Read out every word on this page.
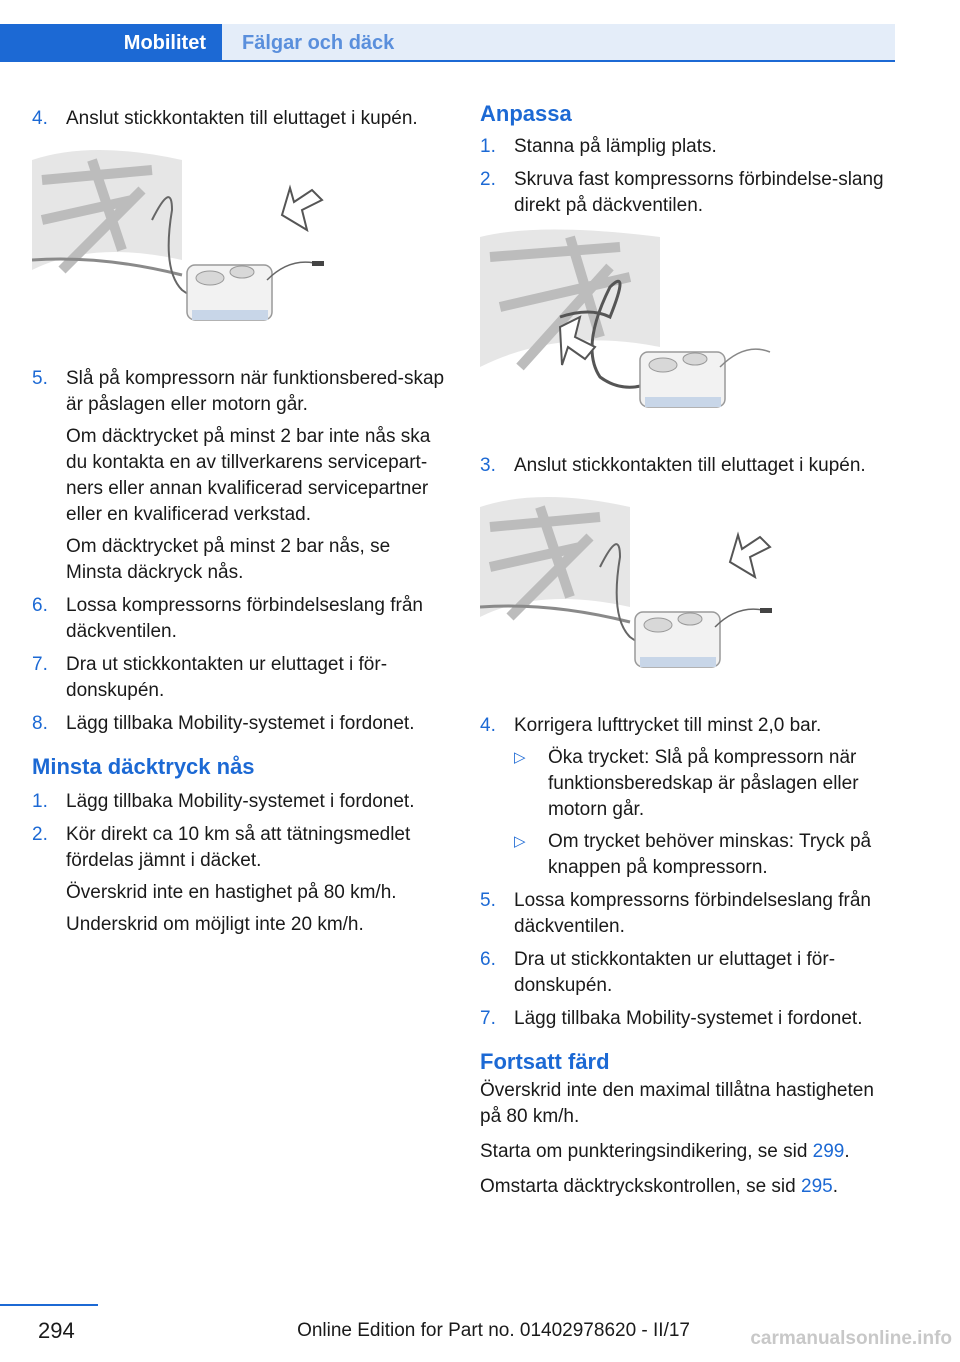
Mobilitet	Fälgar och däck
4. Anslut stickkontakten till eluttaget i kupén.

5. Slå på kompressorn när funktionsbered‐skap är påslagen eller motorn går.

Om däcktrycket på minst 2 bar inte nås ska du kontakta en av tillverkarens servicepart‐ners eller annan kvalificerad servicepartner eller en kvalificerad verkstad.

Om däcktrycket på minst 2 bar nås, se Minsta däckryck nås.

6. Lossa kompressorns förbindelseslang från däckventilen.

7. Dra ut stickkontakten ur eluttaget i för‐donskupén.

8. Lägg tillbaka Mobility-systemet i fordonet.

Minsta däcktryck nås
1. Lägg tillbaka Mobility-systemet i fordonet.

2. Kör direkt ca 10 km så att tätningsmedlet fördelas jämnt i däcket.

Överskrid inte en hastighet på 80 km/h.

Underskrid om möjligt inte 20 km/h.

Anpassa
1. Stanna på lämplig plats.

2. Skruva fast kompressorns förbindelse‐slang direkt på däckventilen.

3. Anslut stickkontakten till eluttaget i kupén.

4. Korrigera lufttrycket till minst 2,0 bar.

▷ Öka trycket: Slå på kompressorn när funktionsberedskap är påslagen eller motorn går.
▷ Om trycket behöver minskas: Tryck på knappen på kompressorn.
5. Lossa kompressorns förbindelseslang från däckventilen.

6. Dra ut stickkontakten ur eluttaget i för‐donskupén.

7. Lägg tillbaka Mobility-systemet i fordonet.

Fortsatt färd

Överskrid inte den maximal tillåtna hastigheten på 80 km/h.

Starta om punkteringsindikering, se sid 299.

Omstarta däcktryckskontrollen, se sid 295.

294	Online Edition for Part no. 01402978620 - II/17	carmanualsonline.info
